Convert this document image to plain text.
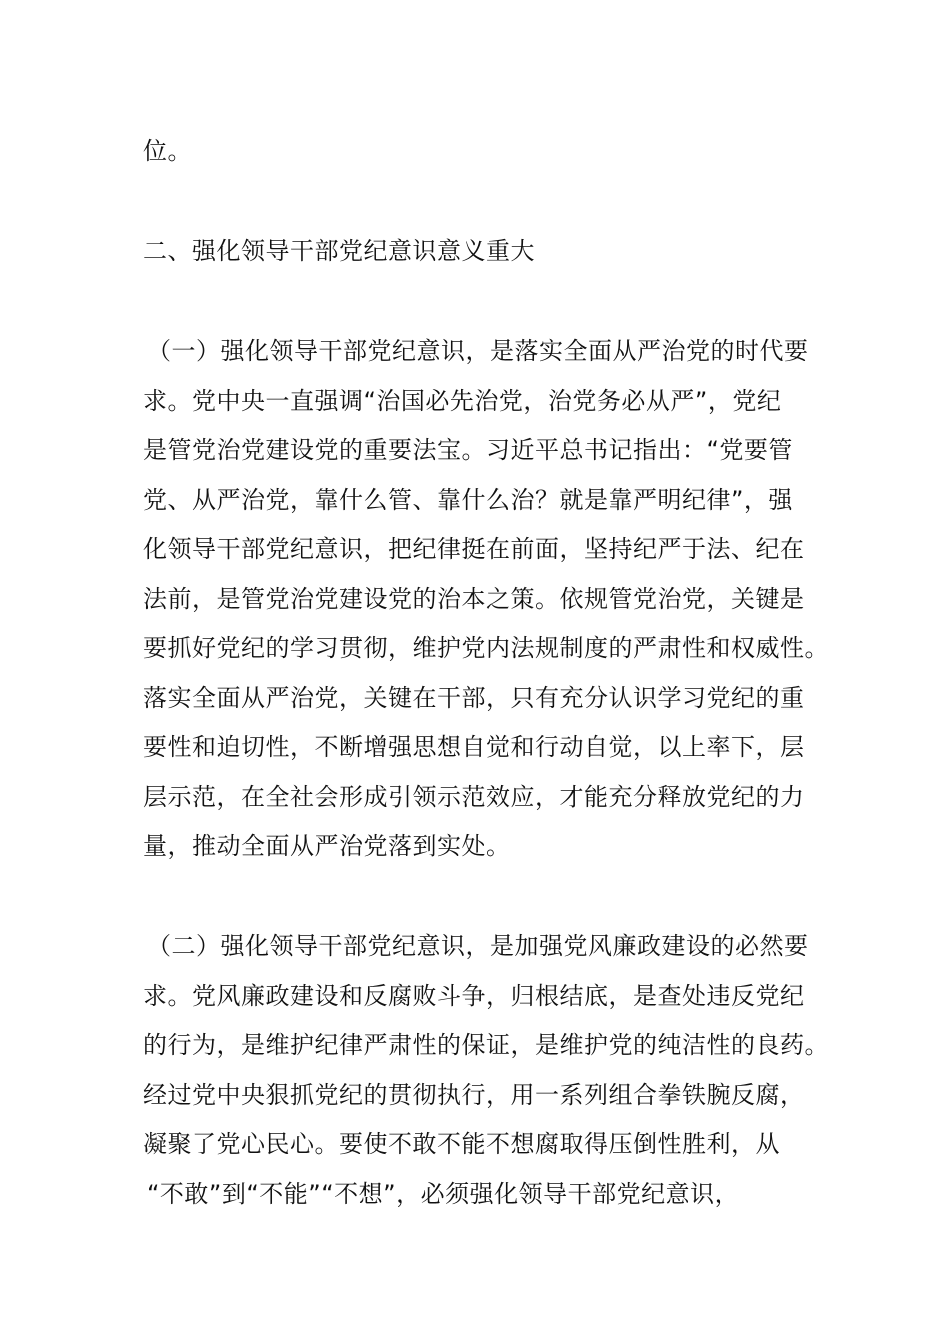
位。
二、强化领导干部党纪意识意义重大
（一）强化领导干部党纪意识，是落实全面从严治党的时代要
求。党中央一直强调“治国必先治党，治党务必从严”，党纪
是管党治党建设党的重要法宝。习近平总书记指出：“党要管
党、从严治党，靠什么管、靠什么治？就是靠严明纪律”，强
化领导干部党纪意识，把纪律挺在前面，坚持纪严于法、纪在
法前，是管党治党建设党的治本之策。依规管党治党，关键是
要抓好党纪的学习贯彻，维护党内法规制度的严肃性和权威性。
落实全面从严治党，关键在干部，只有充分认识学习党纪的重
要性和迫切性，不断增强思想自觉和行动自觉，以上率下，层
层示范，在全社会形成引领示范效应，才能充分释放党纪的力
量，推动全面从严治党落到实处。
（二）强化领导干部党纪意识，是加强党风廉政建设的必然要
求。党风廉政建设和反腐败斗争，归根结底，是查处违反党纪
的行为，是维护纪律严肃性的保证，是维护党的纯洁性的良药。
经过党中央狠抓党纪的贯彻执行，用一系列组合拳铁腕反腐，
凝聚了党心民心。要使不敢不能不想腐取得压倒性胜利，从
“不敢”到“不能”“不想”，必须强化领导干部党纪意识，
